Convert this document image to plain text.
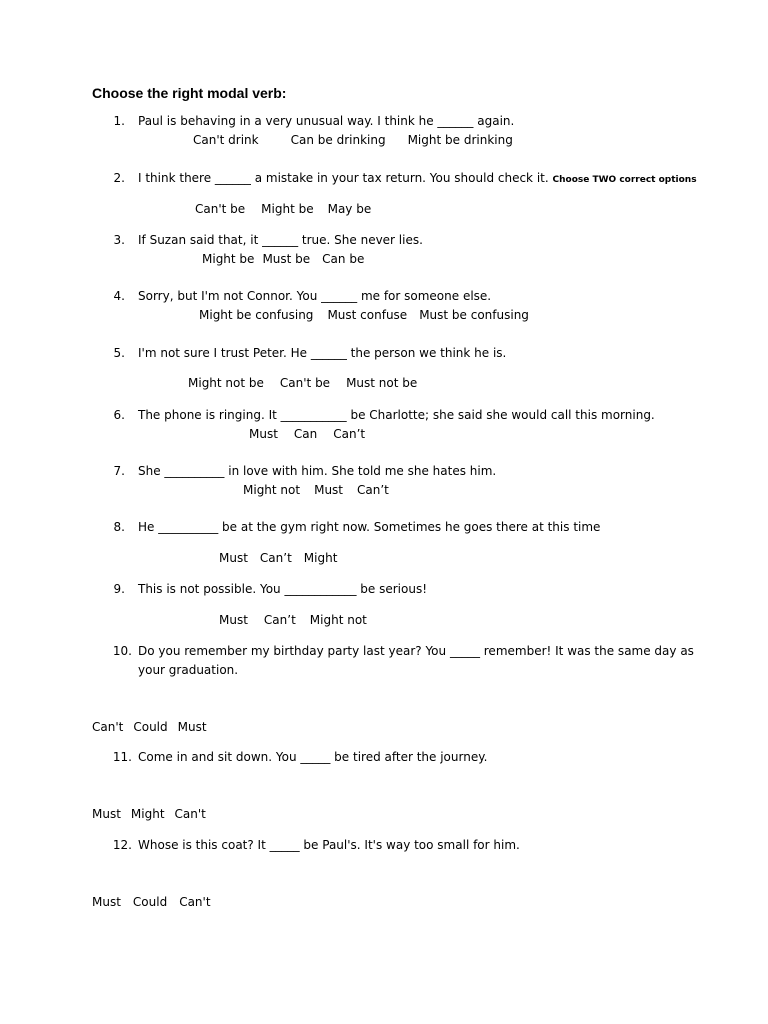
Choose the right modal verb:
1. Paul is behaving in a very unusual way. I think he ______ again.
Can't drink	Can be drinking Might be drinking
2. I think there ______ a mistake in your tax return. You should check it. Choose TWO correct options
Can't be Might be May be
3. If Suzan said that, it ______ true. She never lies.
Might be Must be Can be
4. Sorry, but I'm not Connor. You ______ me for someone else.
Might be confusing Must confuse Must be confusing
5. I'm not sure I trust Peter. He ______ the person we think he is.
Might not be Can't be Must not be
6. The phone is ringing. It ___________ be Charlotte; she said she would call this morning.
Must Can Can’t
7. She __________ in love with him. She told me she hates him.
Might not Must Can’t
8. He __________ be at the gym right now. Sometimes he goes there at this time
Must Can’t Might
9. This is not possible. You ____________ be serious!
Must Can’t Might not
10. Do you remember my birthday party last year? You _____ remember! It was the same day as
your graduation.
Can't Could Must
11. Come in and sit down. You _____ be tired after the journey.
Must Might Can't
12. Whose is this coat? It _____ be Paul's. It's way too small for him.
Must Could Can't
